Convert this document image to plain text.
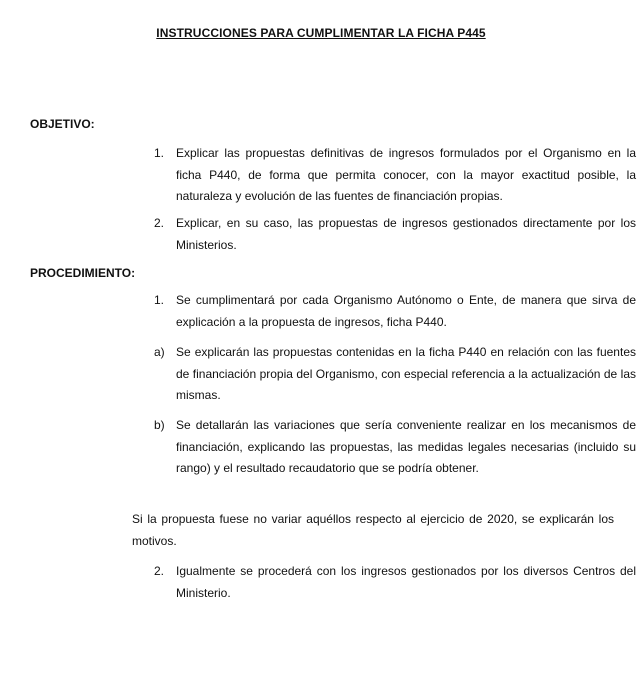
INSTRUCCIONES PARA CUMPLIMENTAR LA FICHA P445
OBJETIVO:
1. Explicar las propuestas definitivas de ingresos formulados por el Organismo en la ficha P440, de forma que permita conocer, con la mayor exactitud posible, la naturaleza y evolución de las fuentes de financiación propias.
2. Explicar, en su caso, las propuestas de ingresos gestionados directamente por los Ministerios.
PROCEDIMIENTO:
1. Se cumplimentará por cada Organismo Autónomo o Ente, de manera que sirva de explicación a la propuesta de ingresos, ficha P440.
a) Se explicarán las propuestas contenidas en la ficha P440 en relación con las fuentes de financiación propia del Organismo, con especial referencia a la actualización de las mismas.
b) Se detallarán las variaciones que sería conveniente realizar en los mecanismos de financiación, explicando las propuestas, las medidas legales necesarias (incluido su rango) y el resultado recaudatorio que se podría obtener.
Si la propuesta fuese no variar aquéllos respecto al ejercicio de 2020, se explicarán los motivos.
2. Igualmente se procederá con los ingresos gestionados por los diversos Centros del Ministerio.
